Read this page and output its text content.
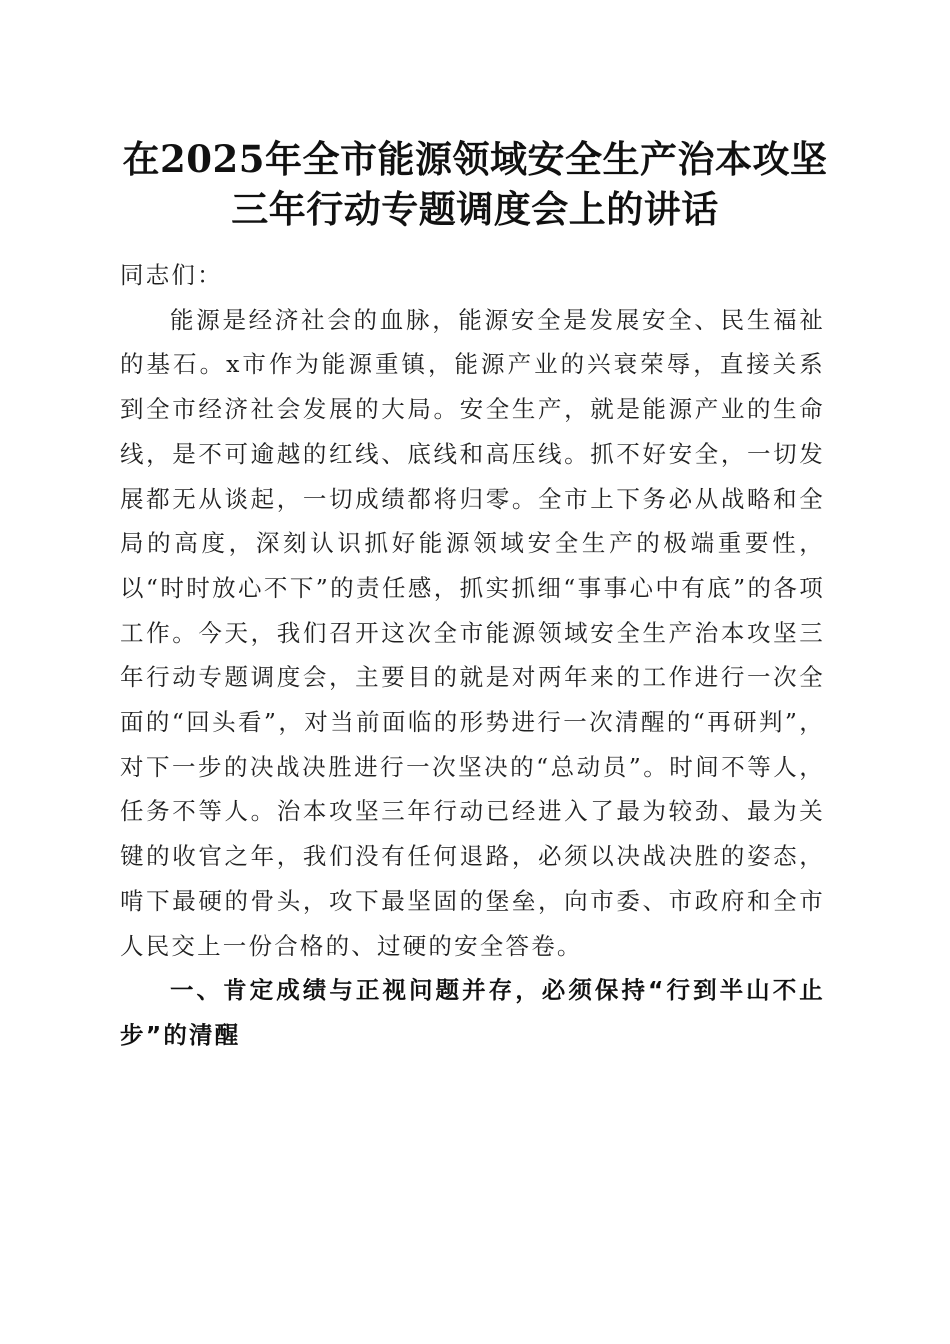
在2025年全市能源领域安全生产治本攻坚三年行动专题调度会上的讲话

同志们：

能源是经济社会的血脉，能源安全是发展安全、民生福祉的基石。x市作为能源重镇，能源产业的兴衰荣辱，直接关系到全市经济社会发展的大局。安全生产，就是能源产业的生命线，是不可逾越的红线、底线和高压线。抓不好安全，一切发展都无从谈起，一切成绩都将归零。全市上下务必从战略和全局的高度，深刻认识抓好能源领域安全生产的极端重要性，以“时时放心不下”的责任感，抓实抓细“事事心中有底”的各项工作。今天，我们召开这次全市能源领域安全生产治本攻坚三年行动专题调度会，主要目的就是对两年来的工作进行一次全面的“回头看”，对当前面临的形势进行一次清醒的“再研判”，对下一步的决战决胜进行一次坚决的“总动员”。时间不等人，任务不等人。治本攻坚三年行动已经进入了最为较劲、最为关键的收官之年，我们没有任何退路，必须以决战决胜的姿态，啃下最硬的骨头，攻下最坚固的堡垒，向市委、市政府和全市人民交上一份合格的、过硬的安全答卷。

一、肯定成绩与正视问题并存，必须保持“行到半山不止步”的清醒
